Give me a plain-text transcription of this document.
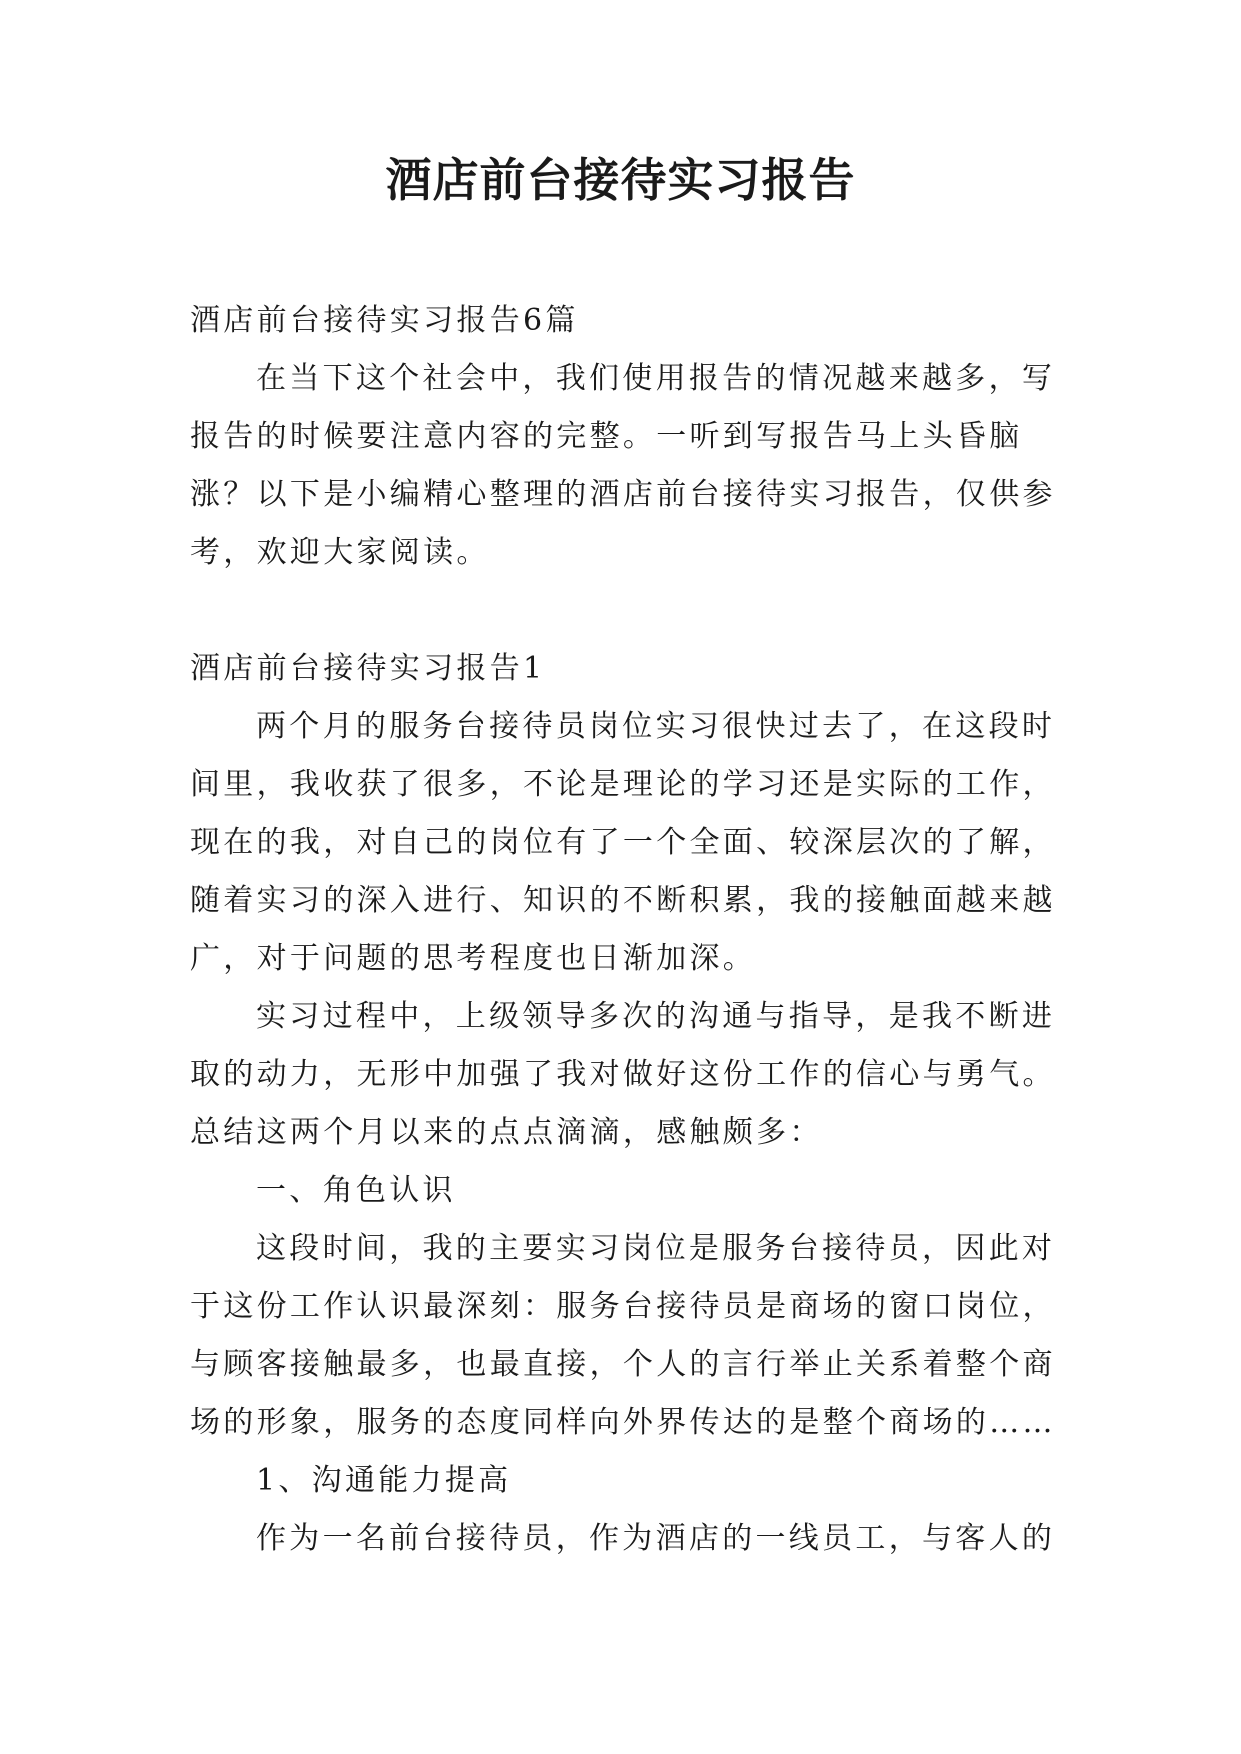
酒店前台接待实习报告

酒店前台接待实习报告6篇

在当下这个社会中，我们使用报告的情况越来越多，写

报告的时候要注意内容的完整。一听到写报告马上头昏脑

涨？以下是小编精心整理的酒店前台接待实习报告，仅供参

考，欢迎大家阅读。

酒店前台接待实习报告1

两个月的服务台接待员岗位实习很快过去了，在这段时

间里，我收获了很多，不论是理论的学习还是实际的工作，

现在的我，对自己的岗位有了一个全面、较深层次的了解，

随着实习的深入进行、知识的不断积累，我的接触面越来越

广，对于问题的思考程度也日渐加深。

实习过程中，上级领导多次的沟通与指导，是我不断进

取的动力，无形中加强了我对做好这份工作的信心与勇气。

总结这两个月以来的点点滴滴，感触颇多：

一、角色认识

这段时间，我的主要实习岗位是服务台接待员，因此对

于这份工作认识最深刻：服务台接待员是商场的窗口岗位，

与顾客接触最多，也最直接，个人的言行举止关系着整个商

场的形象，服务的态度同样向外界传达的是整个商场的……

1、沟通能力提高

作为一名前台接待员，作为酒店的一线员工，与客人的
